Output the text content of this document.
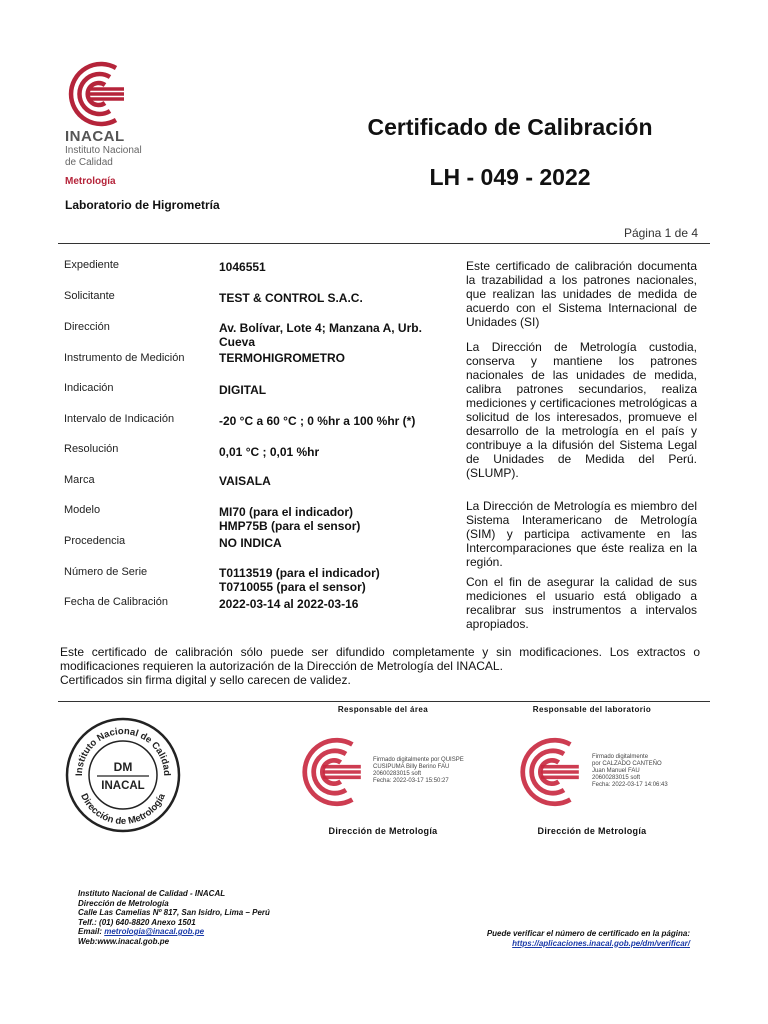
INACAL
Instituto Nacional
de Calidad
Metrología
Certificado de Calibración
LH - 049 - 2022
Laboratorio de Higrometría
Página 1 de 4
Expediente	1046551
Solicitante	TEST & CONTROL S.A.C.
Dirección	Av. Bolívar, Lote 4; Manzana A, Urb. Cueva
Instrumento de Medición	TERMOHIGROMETRO
Indicación	DIGITAL
Intervalo de Indicación	-20 °C a 60 °C ; 0 %hr a 100 %hr (*)
Resolución	0,01 °C ; 0,01 %hr
Marca	VAISALA
Modelo	MI70 (para el indicador)
HMP75B (para el sensor)
Procedencia	NO INDICA
Número de Serie	T0113519 (para el indicador)
T0710055 (para el sensor)
Fecha de Calibración	2022-03-14 al 2022-03-16
Este certificado de calibración documenta la trazabilidad a los patrones nacionales, que realizan las unidades de medida de acuerdo con el Sistema Internacional de Unidades (SI)
La Dirección de Metrología custodia, conserva y mantiene los patrones nacionales de las unidades de medida, calibra patrones secundarios, realiza mediciones y certificaciones metrológicas a solicitud de los interesados, promueve el desarrollo de la metrología en el país y contribuye a la difusión del Sistema Legal de Unidades de Medida del Perú. (SLUMP).
La Dirección de Metrología es miembro del Sistema Interamericano de Metrología (SIM) y participa activamente en las Intercomparaciones que éste realiza en la región.
Con el fin de asegurar la calidad de sus mediciones el usuario está obligado a recalibrar sus instrumentos a intervalos apropiados.
Este certificado de calibración sólo puede ser difundido completamente y sin modificaciones. Los extractos o modificaciones requieren la autorización de la Dirección de Metrología del INACAL.
Certificados sin firma digital y sello carecen de validez.
Instituto Nacional de Calidad
Dirección de Metrología
DM
INACAL
Responsable del área
Firmado digitalmente por QUISPE
CUSIPUMA Billy Berino FAU
20600283015 soft
Fecha: 2022-03-17 15:50:27
Dirección de Metrología
Responsable del laboratorio
Firmado digitalmente
por CALZADO CANTEÑO
Juan Manuel FAU
20600283015 soft
Fecha: 2022-03-17 14:06:43
Dirección de Metrología
Instituto Nacional de Calidad - INACAL
Dirección de Metrología
Calle Las Camelias Nº 817, San Isidro, Lima – Perú
Telf.: (01) 640-8820 Anexo 1501
Email: metrologia@inacal.gob.pe
Web:www.inacal.gob.pe
Puede verificar el número de certificado en la página:
https://aplicaciones.inacal.gob.pe/dm/verificar/
